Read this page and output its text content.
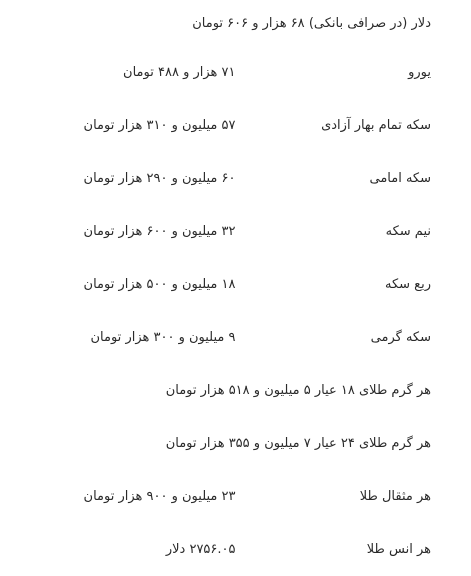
دلار (در صرافی بانکی) ۶۸ هزار و ۶۰۶ تومان	
یورو	۷۱ هزار و ۴۸۸ تومان
سکه تمام بهار آزادی	۵۷ میلیون و ۳۱۰ هزار تومان
سکه امامی	۶۰ میلیون و ۲۹۰ هزار تومان
نیم سکه	۳۲ میلیون و ۶۰۰ هزار تومان
ربع سکه	۱۸ میلیون و ۵۰۰ هزار تومان
سکه گرمی	۹ میلیون و ۳۰۰ هزار تومان
هر گرم طلای ۱۸ عیار ۵ میلیون و ۵۱۸ هزار تومان	
هر گرم طلای ۲۴ عیار ۷ میلیون و ۳۵۵ هزار تومان	
هر مثقال طلا	۲۳ میلیون و ۹۰۰ هزار تومان
هر انس طلا	۲۷۵۶.۰۵ دلار
